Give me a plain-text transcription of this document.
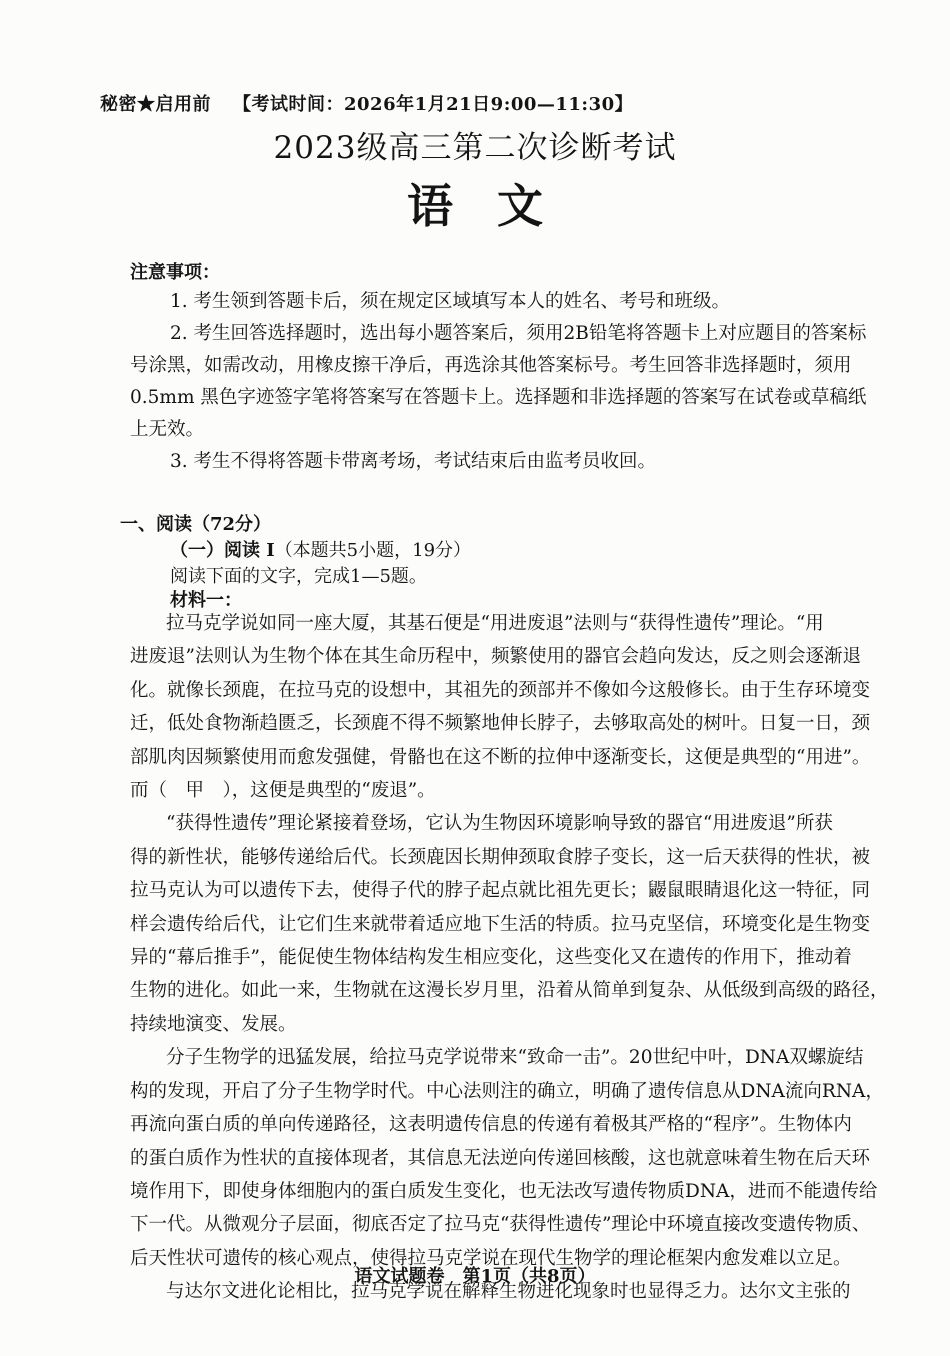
秘密★启用前 【考试时间：2026年1月21日9:00—11:30】
2023级高三第二次诊断考试
语文
注意事项：
1. 考生领到答题卡后，须在规定区域填写本人的姓名、考号和班级。
2. 考生回答选择题时，选出每小题答案后，须用2B铅笔将答题卡上对应题目的答案标
号涂黑，如需改动，用橡皮擦干净后，再选涂其他答案标号。考生回答非选择题时，须用
0.5mm 黑色字迹签字笔将答案写在答题卡上。选择题和非选择题的答案写在试卷或草稿纸
上无效。
3. 考生不得将答题卡带离考场，考试结束后由监考员收回。
一、阅读（72分）
（一）阅读 I（本题共5小题，19分）
阅读下面的文字，完成1—5题。
材料一：
拉马克学说如同一座大厦，其基石便是“用进废退”法则与“获得性遗传”理论。“用
进废退”法则认为生物个体在其生命历程中，频繁使用的器官会趋向发达，反之则会逐渐退
化。就像长颈鹿，在拉马克的设想中，其祖先的颈部并不像如今这般修长。由于生存环境变
迁，低处食物渐趋匮乏，长颈鹿不得不频繁地伸长脖子，去够取高处的树叶。日复一日，颈
部肌肉因频繁使用而愈发强健，骨骼也在这不断的拉伸中逐渐变长，这便是典型的“用进”。
而（　甲　），这便是典型的“废退”。
“获得性遗传”理论紧接着登场，它认为生物因环境影响导致的器官“用进废退”所获
得的新性状，能够传递给后代。长颈鹿因长期伸颈取食脖子变长，这一后天获得的性状，被
拉马克认为可以遗传下去，使得子代的脖子起点就比祖先更长；鼹鼠眼睛退化这一特征，同
样会遗传给后代，让它们生来就带着适应地下生活的特质。拉马克坚信，环境变化是生物变
异的“幕后推手”，能促使生物体结构发生相应变化，这些变化又在遗传的作用下，推动着
生物的进化。如此一来，生物就在这漫长岁月里，沿着从简单到复杂、从低级到高级的路径，
持续地演变、发展。
分子生物学的迅猛发展，给拉马克学说带来“致命一击”。20世纪中叶，DNA双螺旋结
构的发现，开启了分子生物学时代。中心法则注的确立，明确了遗传信息从DNA流向RNA，
再流向蛋白质的单向传递路径，这表明遗传信息的传递有着极其严格的“程序”。生物体内
的蛋白质作为性状的直接体现者，其信息无法逆向传递回核酸，这也就意味着生物在后天环
境作用下，即使身体细胞内的蛋白质发生变化，也无法改写遗传物质DNA，进而不能遗传给
下一代。从微观分子层面，彻底否定了拉马克“获得性遗传”理论中环境直接改变遗传物质、
后天性状可遗传的核心观点，使得拉马克学说在现代生物学的理论框架内愈发难以立足。
与达尔文进化论相比，拉马克学说在解释生物进化现象时也显得乏力。达尔文主张的
语文试题卷　第1页（共8页）
